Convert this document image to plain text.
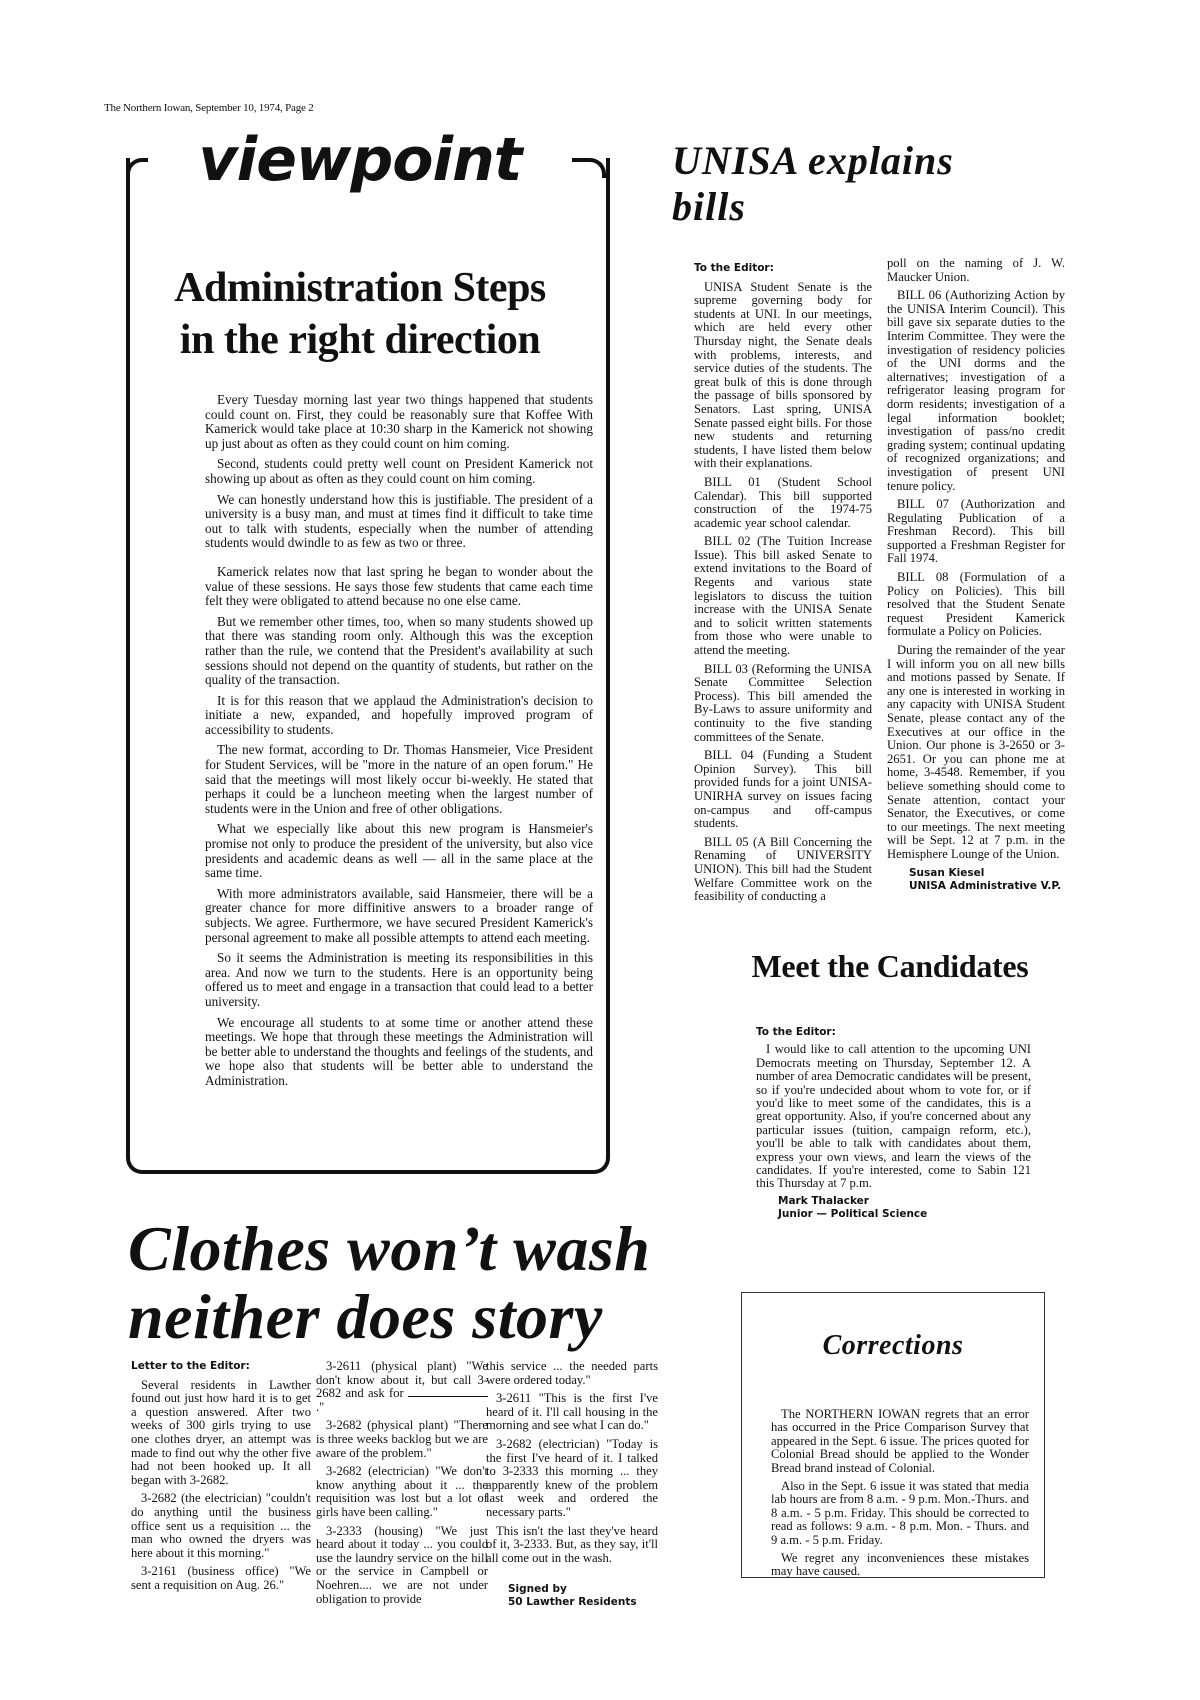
The Northern Iowan, September 10, 1974, Page 2
viewpoint
Administration Steps
in the right direction

Every Tuesday morning last year two things happened that students could count on. First, they could be reasonably sure that Koffee With Kamerick would take place at 10:30 sharp in the Kamerick not showing up just about as often as they could count on him coming.

Second, students could pretty well count on President Kamerick not showing up about as often as they could count on him coming.

We can honestly understand how this is justifiable. The president of a university is a busy man, and must at times find it difficult to take time out to talk with students, especially when the number of attending students would dwindle to as few as two or three.

Kamerick relates now that last spring he began to wonder about the value of these sessions. He says those few students that came each time felt they were obligated to attend because no one else came.

But we remember other times, too, when so many students showed up that there was standing room only. Although this was the exception rather than the rule, we contend that the President's availability at such sessions should not depend on the quantity of students, but rather on the quality of the transaction.

It is for this reason that we applaud the Administration's decision to initiate a new, expanded, and hopefully improved program of accessibility to students.

The new format, according to Dr. Thomas Hansmeier, Vice President for Student Services, will be "more in the nature of an open forum." He said that the meetings will most likely occur bi-weekly. He stated that perhaps it could be a luncheon meeting when the largest number of students were in the Union and free of other obligations.

What we especially like about this new program is Hansmeier's promise not only to produce the president of the university, but also vice presidents and academic deans as well — all in the same place at the same time.

With more administrators available, said Hansmeier, there will be a greater chance for more diffinitive answers to a broader range of subjects. We agree. Furthermore, we have secured President Kamerick's personal agreement to make all possible attempts to attend each meeting.

So it seems the Administration is meeting its responsibilities in this area. And now we turn to the students. Here is an opportunity being offered us to meet and engage in a transaction that could lead to a better university.

We encourage all students to at some time or another attend these meetings. We hope that through these meetings the Administration will be better able to understand the thoughts and feelings of the students, and we hope also that students will be better able to understand the Administration.

UNISA explains
bills

To the Editor:

UNISA Student Senate is the supreme governing body for students at UNI. In our meetings, which are held every other Thursday night, the Senate deals with problems, interests, and service duties of the students. The great bulk of this is done through the passage of bills sponsored by Senators. Last spring, UNISA Senate passed eight bills. For those new students and returning students, I have listed them below with their explanations.

BILL 01 (Student School Calendar). This bill supported construction of the 1974-75 academic year school calendar.

BILL 02 (The Tuition Increase Issue). This bill asked Senate to extend invitations to the Board of Regents and various state legislators to discuss the tuition increase with the UNISA Senate and to solicit written statements from those who were unable to attend the meeting.

BILL 03 (Reforming the UNISA Senate Committee Selection Process). This bill amended the By-Laws to assure uniformity and continuity to the five standing committees of the Senate.

BILL 04 (Funding a Student Opinion Survey). This bill provided funds for a joint UNISA-UNIRHA survey on issues facing on-campus and off-campus students.

BILL 05 (A Bill Concerning the Renaming of UNIVERSITY UNION). This bill had the Student Welfare Committee work on the feasibility of conducting a

poll on the naming of J. W. Maucker Union.

BILL 06 (Authorizing Action by the UNISA Interim Council). This bill gave six separate duties to the Interim Committee. They were the investigation of residency policies of the UNI dorms and the alternatives; investigation of a refrigerator leasing program for dorm residents; investigation of a legal information booklet; investigation of pass/no credit grading system; continual updating of recognized organizations; and investigation of present UNI tenure policy.

BILL 07 (Authorization and Regulating Publication of a Freshman Record). This bill supported a Freshman Register for Fall 1974.

BILL 08 (Formulation of a Policy on Policies). This bill resolved that the Student Senate request President Kamerick formulate a Policy on Policies.

During the remainder of the year I will inform you on all new bills and motions passed by Senate. If any one is interested in working in any capacity with UNISA Student Senate, please contact any of the Executives at our office in the Union. Our phone is 3-2650 or 3-2651. Or you can phone me at home, 3-4548. Remember, if you believe something should come to Senate attention, contact your Senator, the Executives, or come to our meetings. The next meeting will be Sept. 12 at 7 p.m. in the Hemisphere Lounge of the Union.

Susan Kiesel

UNISA Administrative V.P.

Meet the Candidates

To the Editor:

I would like to call attention to the upcoming UNI Democrats meeting on Thursday, September 12. A number of area Democratic candidates will be present, so if you're undecided about whom to vote for, or if you'd like to meet some of the candidates, this is a great opportunity. Also, if you're concerned about any particular issues (tuition, campaign reform, etc.), you'll be able to talk with candidates about them, express your own views, and learn the views of the candidates. If you're interested, come to Sabin 121 this Thursday at 7 p.m.

Mark Thalacker

Junior — Political Science

Clothes won’t wash
neither does story

Letter to the Editor:

Several residents in Lawther found out just how hard it is to get a question answered. After two weeks of 300 girls trying to use one clothes dryer, an attempt was made to find out why the other five had not been hooked up. It all began with 3-2682.

3-2682 (the electrician) "couldn't do anything until the business office sent us a requisition ... the man who owned the dryers was here about it this morning."

3-2161 (business office) "We sent a requisition on Aug. 26."

3-2611 (physical plant) "We don't know about it, but call 3-2682 and ask for ."

3-2682 (physical plant) "There is three weeks backlog but we are aware of the problem."

3-2682 (electrician) "We don't know anything about it ... the requisition was lost but a lot of girls have been calling."

3-2333 (housing) "We just heard about it today ... you could use the laundry service on the hill or the service in Campbell or Noehren.... we are not under obligation to provide

this service ... the needed parts were ordered today."

3-2611 "This is the first I've heard of it. I'll call housing in the morning and see what I can do."

3-2682 (electrician) "Today is the first I've heard of it. I talked to 3-2333 this morning ... they apparently knew of the problem last week and ordered the necessary parts."

This isn't the last they've heard of it, 3-2333. But, as they say, it'll all come out in the wash.

Signed by

50 Lawther Residents

Corrections

The NORTHERN IOWAN regrets that an error has occurred in the Price Comparison Survey that appeared in the Sept. 6 issue. The prices quoted for Colonial Bread should be applied to the Wonder Bread brand instead of Colonial.

Also in the Sept. 6 issue it was stated that media lab hours are from 8 a.m. - 9 p.m. Mon.-Thurs. and 8 a.m. - 5 p.m. Friday. This should be corrected to read as follows: 9 a.m. - 8 p.m. Mon. - Thurs. and 9 a.m. - 5 p.m. Friday.

We regret any inconveniences these mistakes may have caused.
